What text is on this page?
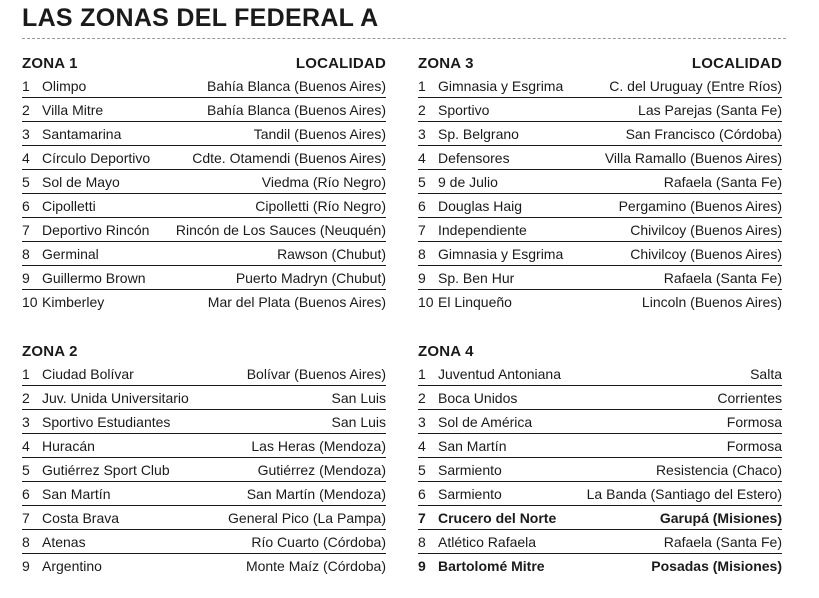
LAS ZONAS DEL FEDERAL A
ZONA 1	LOCALIDAD
1 Olimpo	Bahía Blanca (Buenos Aires)
2 Villa Mitre	Bahía Blanca (Buenos Aires)
3 Santamarina	Tandil (Buenos Aires)
4 Círculo Deportivo	Cdte. Otamendi (Buenos Aires)
5 Sol de Mayo	Viedma (Río Negro)
6 Cipolletti	Cipolletti (Río Negro)
7 Deportivo Rincón	Rincón de Los Sauces (Neuquén)
8 Germinal	Rawson (Chubut)
9 Guillermo Brown	Puerto Madryn (Chubut)
10 Kimberley	Mar del Plata (Buenos Aires)
ZONA 3	LOCALIDAD
1 Gimnasia y Esgrima	C. del Uruguay (Entre Ríos)
2 Sportivo	Las Parejas (Santa Fe)
3 Sp. Belgrano	San Francisco (Córdoba)
4 Defensores	Villa Ramallo (Buenos Aires)
5 9 de Julio	Rafaela (Santa Fe)
6 Douglas Haig	Pergamino (Buenos Aires)
7 Independiente	Chivilcoy (Buenos Aires)
8 Gimnasia y Esgrima	Chivilcoy (Buenos Aires)
9 Sp. Ben Hur	Rafaela (Santa Fe)
10 El Linqueño	Lincoln (Buenos Aires)
ZONA 2
1 Ciudad Bolívar	Bolívar (Buenos Aires)
2 Juv. Unida Universitario	San Luis
3 Sportivo Estudiantes	San Luis
4 Huracán	Las Heras (Mendoza)
5 Gutiérrez Sport Club	Gutiérrez (Mendoza)
6 San Martín	San Martín (Mendoza)
7 Costa Brava	General Pico (La Pampa)
8 Atenas	Río Cuarto (Córdoba)
9 Argentino	Monte Maíz (Córdoba)
ZONA 4
1 Juventud Antoniana	Salta
2 Boca Unidos	Corrientes
3 Sol de América	Formosa
4 San Martín	Formosa
5 Sarmiento	Resistencia (Chaco)
6 Sarmiento	La Banda (Santiago del Estero)
7 Crucero del Norte	Garupá (Misiones)
8 Atlético Rafaela	Rafaela (Santa Fe)
9 Bartolomé Mitre	Posadas (Misiones)
